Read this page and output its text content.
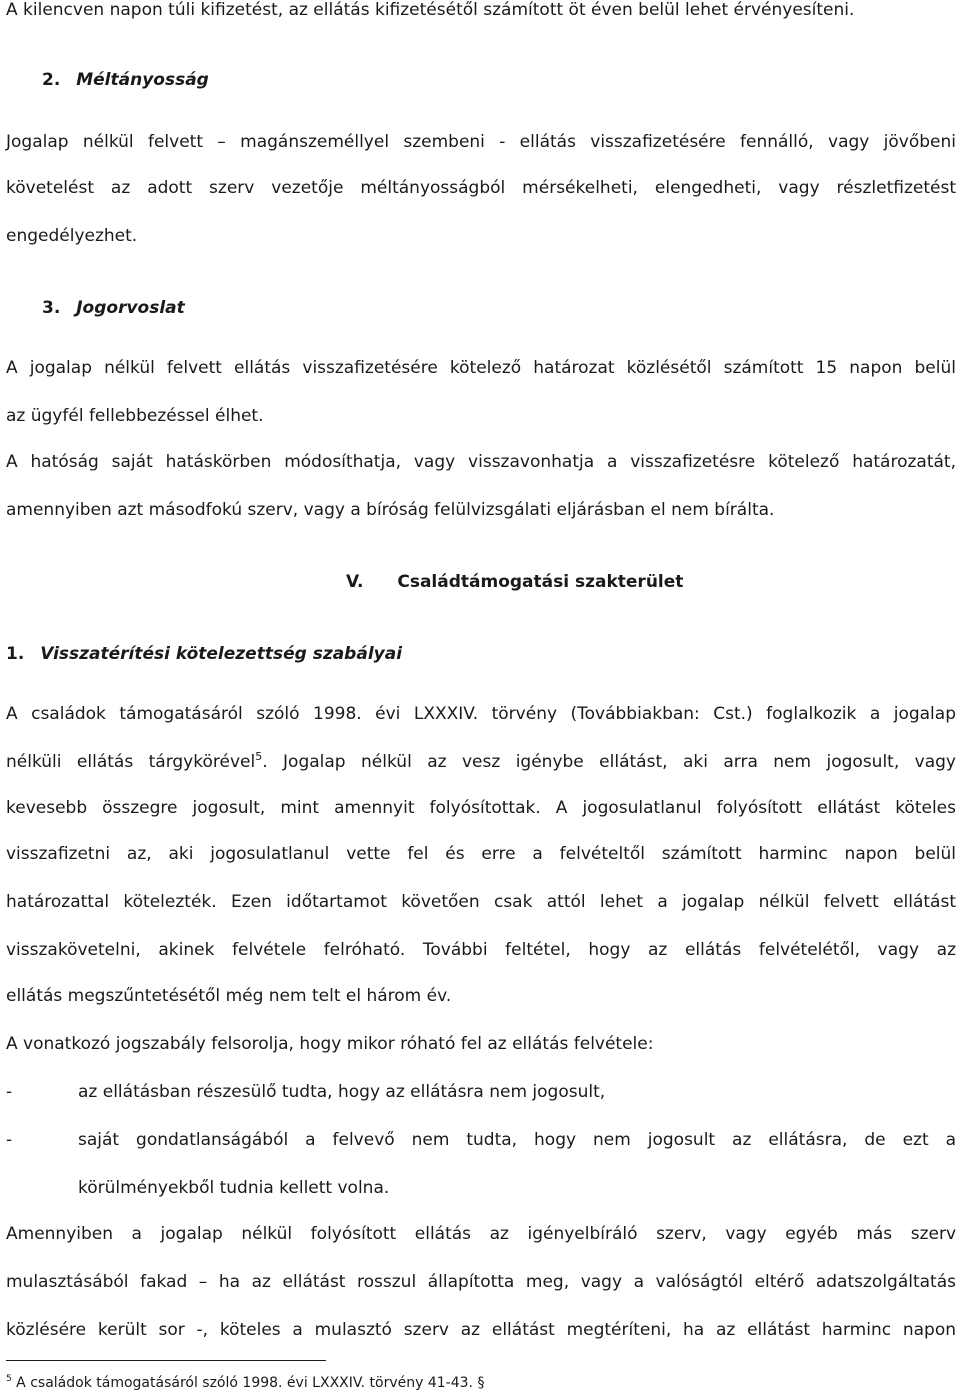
A kilencven napon túli kifizetést, az ellátás kifizetésétől számított öt éven belül lehet érvényesíteni.
2. Méltányosság
Jogalap nélkül felvett – magánszeméllyel szembeni - ellátás visszafizetésére fennálló, vagy jövőbeni
követelést az adott szerv vezetője méltányosságból mérsékelheti, elengedheti, vagy részletfizetést
engedélyezhet.
3. Jogorvoslat
A jogalap nélkül felvett ellátás visszafizetésére kötelező határozat közlésétől számított 15 napon belül
az ügyfél fellebbezéssel élhet.
A hatóság saját hatáskörben módosíthatja, vagy visszavonhatja a visszafizetésre kötelező határozatát,
amennyiben azt másodfokú szerv, vagy a bíróság felülvizsgálati eljárásban el nem bírálta.
V. Családtámogatási szakterület
1. Visszatérítési kötelezettség szabályai
A családok támogatásáról szóló 1998. évi LXXXIV. törvény (Továbbiakban: Cst.) foglalkozik a jogalap
nélküli ellátás tárgykörével$^5$. Jogalap nélkül az vesz igénybe ellátást, aki arra nem jogosult, vagy
kevesebb összegre jogosult, mint amennyit folyósítottak. A jogosulatlanul folyósított ellátást köteles
visszafizetni az, aki jogosulatlanul vette fel és erre a felvételtől számított harminc napon belül
határozattal kötelezték. Ezen időtartamot követően csak attól lehet a jogalap nélkül felvett ellátást
visszakövetelni, akinek felvétele felróható. További feltétel, hogy az ellátás felvételétől, vagy az
ellátás megszűntetésétől még nem telt el három év.
A vonatkozó jogszabály felsorolja, hogy mikor róható fel az ellátás felvétele:
-	az ellátásban részesülő tudta, hogy az ellátásra nem jogosult,
-	saját gondatlanságából a felvevő nem tudta, hogy nem jogosult az ellátásra, de ezt a
körülményekből tudnia kellett volna.
Amennyiben a jogalap nélkül folyósított ellátás az igényelbíráló szerv, vagy egyéb más szerv
mulasztásából fakad – ha az ellátást rosszul állapította meg, vagy a valóságtól eltérő adatszolgáltatás
közlésére került sor -, köteles a mulasztó szerv az ellátást megtéríteni, ha az ellátást harminc napon
$^5$ A családok támogatásáról szóló 1998. évi LXXXIV. törvény 41-43. §
